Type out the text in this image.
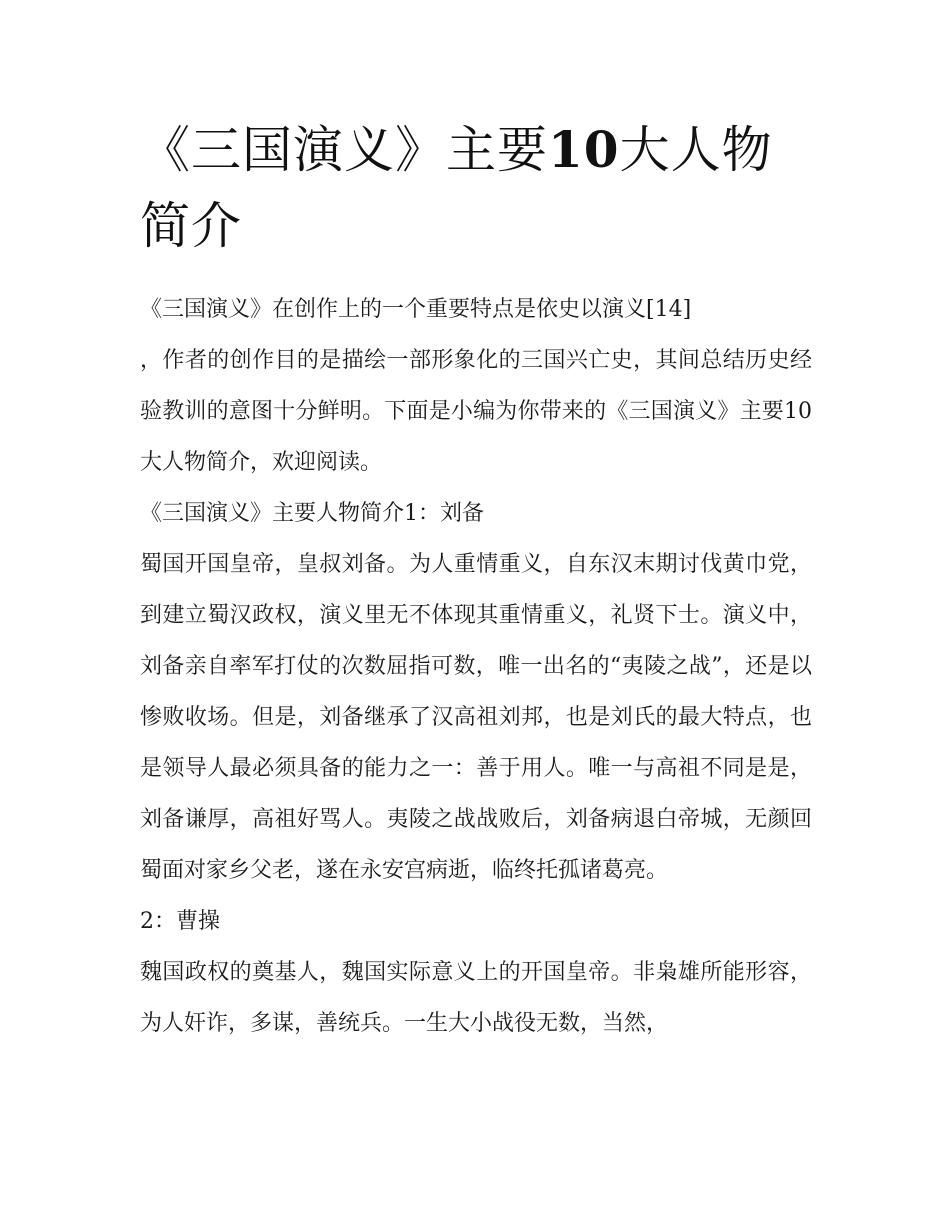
《三国演义》主要10大人物简介

《三国演义》在创作上的一个重要特点是依史以演义[14]

，作者的创作目的是描绘一部形象化的三国兴亡史，其间总结历史经验教训的意图十分鲜明。下面是小编为你带来的《三国演义》主要10大人物简介，欢迎阅读。

《三国演义》主要人物简介1：刘备

蜀国开国皇帝，皇叔刘备。为人重情重义，自东汉末期讨伐黄巾党，到建立蜀汉政权，演义里无不体现其重情重义，礼贤下士。演义中，刘备亲自率军打仗的次数屈指可数，唯一出名的“夷陵之战”，还是以惨败收场。但是，刘备继承了汉高祖刘邦，也是刘氏的最大特点，也是领导人最必须具备的能力之一：善于用人。唯一与高祖不同是是，刘备谦厚，高祖好骂人。夷陵之战战败后，刘备病退白帝城，无颜回蜀面对家乡父老，遂在永安宫病逝，临终托孤诸葛亮。

2：曹操

魏国政权的奠基人，魏国实际意义上的开国皇帝。非枭雄所能形容，为人奸诈，多谋，善统兵。一生大小战役无数，当然，
